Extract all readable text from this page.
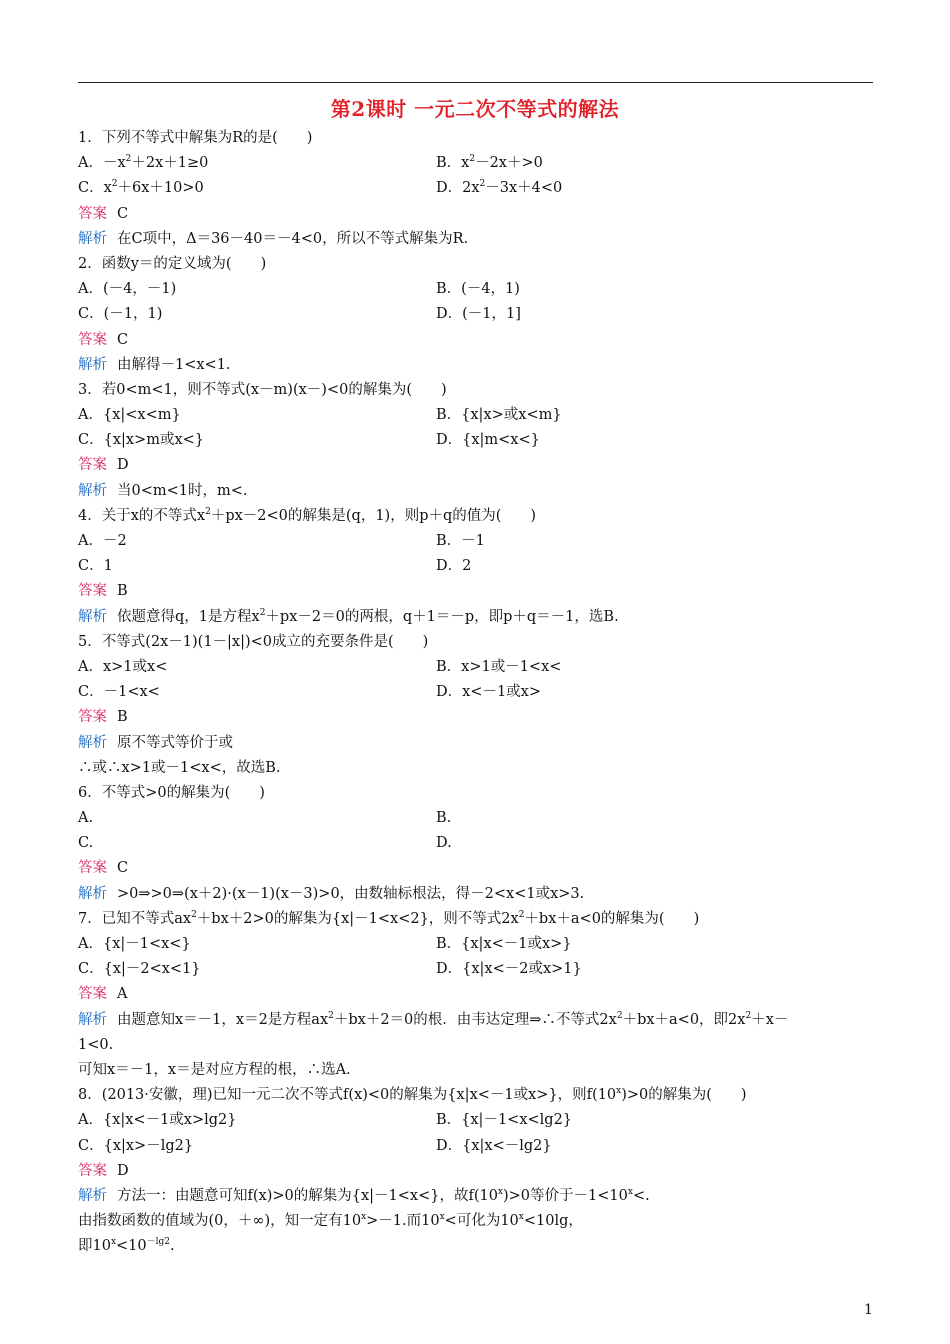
第2课时 一元二次不等式的解法
1．下列不等式中解集为R的是(　　)
A．$-x^2+2x+1\ge 0$	B．$x^2-2x+>0$
C．$x^2+6x+10>0$	D．$2x^2-3x+4<0$
答案 C
解析 在C项中，Δ＝36－40＝－4<0，所以不等式解集为R.
2．函数y＝的定义域为(　　)
A．(－4，－1)	B．(－4，1)
C．(－1，1)	D．(－1，1]
答案 C
解析 由解得－1<x<1.
3．若0<m<1，则不等式(x－m)(x－)<0的解集为(　　)
A．{x|<x<m}	B．{x|x>或x<m}
C．{x|x>m或x<}	D．{x|m<x<}
答案 D
解析 当0<m<1时，m<.
4．关于x的不等式$x^2+px-2<0$的解集是(q，1)，则p＋q的值为(　　)
A．－2	B．－1
C．1	D．2
答案 B
解析 依题意得q，1是方程$x^2+px-2=0$的两根，q＋1＝－p，即p＋q＝－1，选B.
5．不等式(2x－1)(1－|x|)<0成立的充要条件是(　　)
A．x>1或x<	B．x>1或－1<x<
C．－1<x<	D．x<－1或x>
答案 B
解析 原不等式等价于或
∴或∴x>1或－1<x<，故选B.
6．不等式>0的解集为(　　)
A.	B.
C.	D.
答案 C
解析 >0⇒>0⇒(x＋2)·(x－1)(x－3)>0，由数轴标根法，得－2<x<1或x>3.
7．已知不等式$ax^2+bx+2>0$的解集为{x|－1<x<2}，则不等式$2x^2+bx+a<0$的解集为(　　)
A．{x|－1<x<}	B．{x|x<－1或x>}
C．{x|－2<x<1}	D．{x|x<－2或x>1}
答案 A
解析 由题意知x＝－1，x＝2是方程$ax^2+bx+2=0$的根．由韦达定理⇒∴不等式$2x^2+bx+a<0$，即$2x^2+x-$
1<0.
可知x＝－1，x＝是对应方程的根，∴选A.
8．(2013·安徽，理)已知一元二次不等式f(x)<0的解集为{x|x<－1或x>}，则$f(10^x)>0$的解集为(　　)
A．{x|x<－1或x>lg2}	B．{x|－1<x<lg2}
C．{x|x>－lg2}	D．{x|x<－lg2}
答案 D
解析 方法一：由题意可知f(x)>0的解集为{x|－1<x<}，故$f(10^x)>0$等价于$-1<10^x<$.
由指数函数的值域为(0，＋∞)，知一定有$10^x>-1$.而$10^x<$可化为$10^x<10\lg$，
即$10^x<10^{-lg2}$.
1
